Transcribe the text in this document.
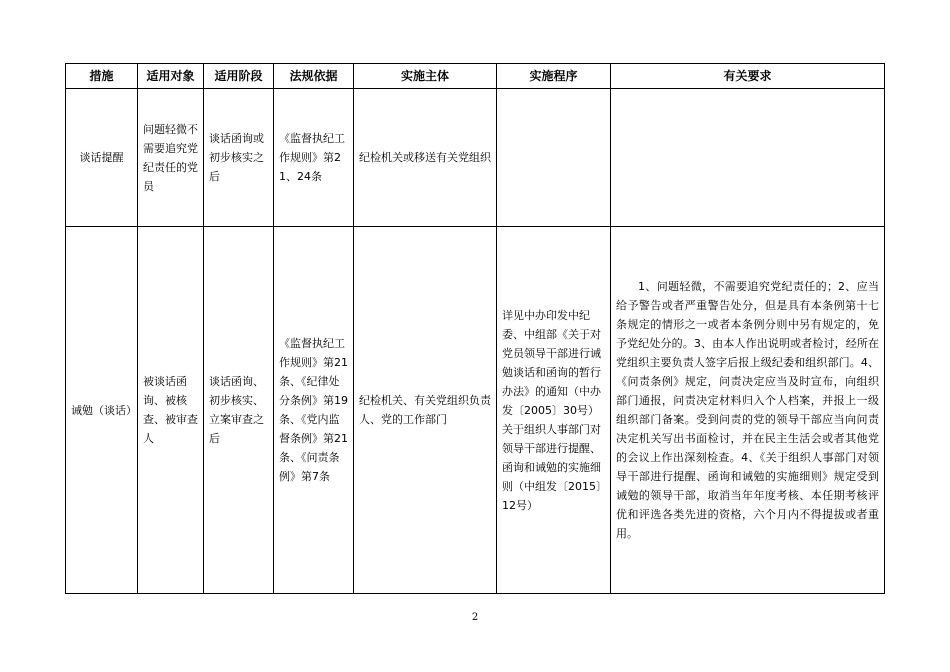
措施	适用对象	适用阶段	法规依据	实施主体	实施程序	有关要求
谈话提醒	问题轻微不需要追究党纪责任的党员	谈话函询或初步核实之后	《监督执纪工作规则》第21、24条	纪检机关或移送有关党组织		
诫勉（谈话）	被谈话函询、被核查、被审查人	谈话函询、初步核实、立案审查之后	《监督执纪工作规则》第21条、《纪律处分条例》第19条、《党内监督条例》第21条、《问责条例》第7条	纪检机关、有关党组织负责人、党的工作部门	详见中办印发中纪委、中组部《关于对党员领导干部进行诫勉谈话和函询的暂行办法》的通知（中办发〔2005〕30号）关于组织人事部门对领导干部进行提醒、函询和诫勉的实施细则（中组发〔2015〕12号）	1、问题轻微，不需要追究党纪责任的；2、应当给予警告或者严重警告处分，但是具有本条例第十七条规定的情形之一或者本条例分则中另有规定的，免予党纪处分的。3、由本人作出说明或者检讨，经所在党组织主要负责人签字后报上级纪委和组织部门。4、《问责条例》规定，问责决定应当及时宣布，向组织部门通报，问责决定材料归入个人档案，并报上一级组织部门备案。受到问责的党的领导干部应当向问责决定机关写出书面检讨，并在民主生活会或者其他党的会议上作出深刻检查。4、《关于组织人事部门对领导干部进行提醒、函询和诫勉的实施细则》规定受到诫勉的领导干部，取消当年年度考核、本任期考核评优和评选各类先进的资格，六个月内不得提拔或者重用。
2
